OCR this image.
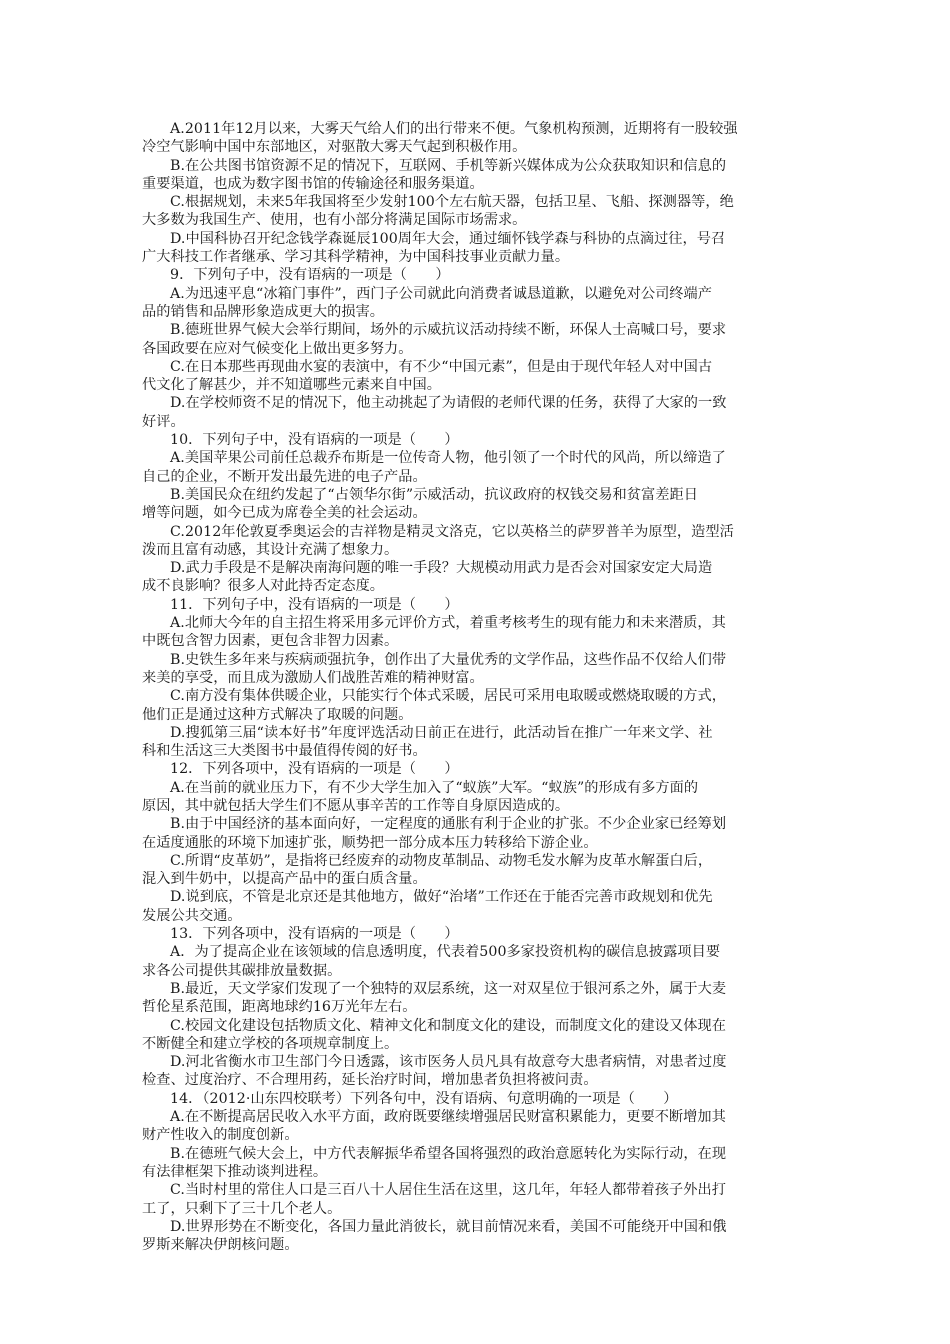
A.2011年12月以来，大雾天气给人们的出行带来不便。气象机构预测，近期将有一股较强
冷空气影响中国中东部地区，对驱散大雾天气起到积极作用。
B.在公共图书馆资源不足的情况下，互联网、手机等新兴媒体成为公众获取知识和信息的
重要渠道，也成为数字图书馆的传输途径和服务渠道。
C.根据规划，未来5年我国将至少发射100个左右航天器，包括卫星、飞船、探测器等，绝
大多数为我国生产、使用，也有小部分将满足国际市场需求。
D.中国科协召开纪念钱学森诞辰100周年大会，通过缅怀钱学森与科协的点滴过往，号召
广大科技工作者继承、学习其科学精神，为中国科技事业贡献力量。
9．下列句子中，没有语病的一项是（　　）
A.为迅速平息“冰箱门事件”，西门子公司就此向消费者诚恳道歉，以避免对公司终端产
品的销售和品牌形象造成更大的损害。
B.德班世界气候大会举行期间，场外的示威抗议活动持续不断，环保人士高喊口号，要求
各国政要在应对气候变化上做出更多努力。
C.在日本那些再现曲水宴的表演中，有不少“中国元素”，但是由于现代年轻人对中国古
代文化了解甚少，并不知道哪些元素来自中国。
D.在学校师资不足的情况下，他主动挑起了为请假的老师代课的任务，获得了大家的一致
好评。
10．下列句子中，没有语病的一项是（　　）
A.美国苹果公司前任总裁乔布斯是一位传奇人物，他引领了一个时代的风尚，所以缔造了
自己的企业，不断开发出最先进的电子产品。
B.美国民众在纽约发起了“占领华尔街”示威活动，抗议政府的权钱交易和贫富差距日
增等问题，如今已成为席卷全美的社会运动。
C.2012年伦敦夏季奥运会的吉祥物是精灵文洛克，它以英格兰的萨罗普羊为原型，造型活
泼而且富有动感，其设计充满了想象力。
D.武力手段是不是解决南海问题的唯一手段？大规模动用武力是否会对国家安定大局造
成不良影响？很多人对此持否定态度。
11．下列句子中，没有语病的一项是（　　）
A.北师大今年的自主招生将采用多元评价方式，着重考核考生的现有能力和未来潜质，其
中既包含智力因素，更包含非智力因素。
B.史铁生多年来与疾病顽强抗争，创作出了大量优秀的文学作品，这些作品不仅给人们带
来美的享受，而且成为激励人们战胜苦难的精神财富。
C.南方没有集体供暖企业，只能实行个体式采暖，居民可采用电取暖或燃烧取暖的方式，
他们正是通过这种方式解决了取暖的问题。
D.搜狐第三届“读本好书”年度评选活动日前正在进行，此活动旨在推广一年来文学、社
科和生活这三大类图书中最值得传阅的好书。
12．下列各项中，没有语病的一项是（　　）
A.在当前的就业压力下，有不少大学生加入了“蚁族”大军。“蚁族”的形成有多方面的
原因，其中就包括大学生们不愿从事辛苦的工作等自身原因造成的。
B.由于中国经济的基本面向好，一定程度的通胀有利于企业的扩张。不少企业家已经筹划
在适度通胀的环境下加速扩张，顺势把一部分成本压力转移给下游企业。
C.所谓“皮革奶”，是指将已经废弃的动物皮革制品、动物毛发水解为皮革水解蛋白后，
混入到牛奶中，以提高产品中的蛋白质含量。
D.说到底，不管是北京还是其他地方，做好“治堵”工作还在于能否完善市政规划和优先
发展公共交通。
13．下列各项中，没有语病的一项是（　　）
A．为了提高企业在该领域的信息透明度，代表着500多家投资机构的碳信息披露项目要
求各公司提供其碳排放量数据。
B.最近，天文学家们发现了一个独特的双层系统，这一对双星位于银河系之外，属于大麦
哲伦星系范围，距离地球约16万光年左右。
C.校园文化建设包括物质文化、精神文化和制度文化的建设，而制度文化的建设又体现在
不断健全和建立学校的各项规章制度上。
D.河北省衡水市卫生部门今日透露，该市医务人员凡具有故意夸大患者病情，对患者过度
检查、过度治疗、不合理用药，延长治疗时间，增加患者负担将被问责。
14．（2012·山东四校联考）下列各句中，没有语病、句意明确的一项是（　　）
A.在不断提高居民收入水平方面，政府既要继续增强居民财富积累能力，更要不断增加其
财产性收入的制度创新。
B.在德班气候大会上，中方代表解振华希望各国将强烈的政治意愿转化为实际行动，在现
有法律框架下推动谈判进程。
C.当时村里的常住人口是三百八十人居住生活在这里，这几年，年轻人都带着孩子外出打
工了，只剩下了三十几个老人。
D.世界形势在不断变化，各国力量此消彼长，就目前情况来看，美国不可能绕开中国和俄
罗斯来解决伊朗核问题。
